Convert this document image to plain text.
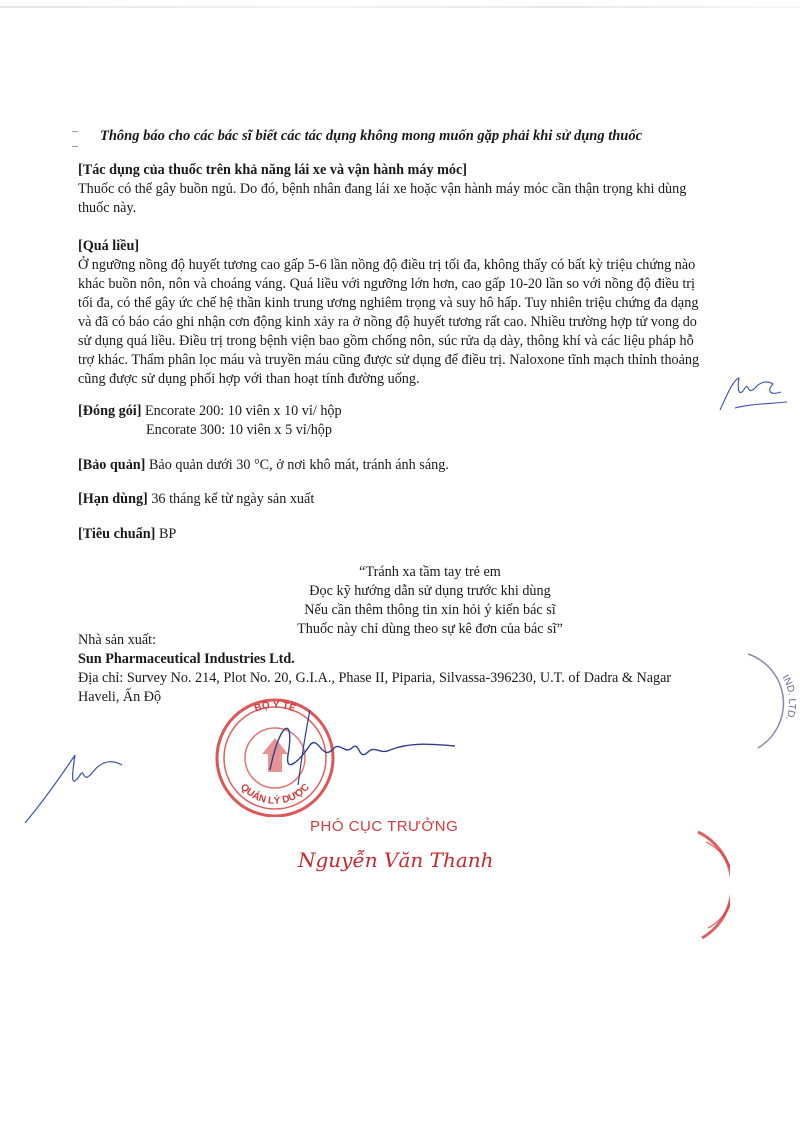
Thông báo cho các bác sĩ biết các tác dụng không mong muốn gặp phải khi sử dụng thuốc
[Tác dụng của thuốc trên khả năng lái xe và vận hành máy móc]
Thuốc có thể gây buồn ngủ. Do đó, bệnh nhân đang lái xe hoặc vận hành máy móc cần thận trọng khi dùng
thuốc này.
[Quá liều]
Ở ngưỡng nồng độ huyết tương cao gấp 5-6 lần nồng độ điều trị tối đa, không thấy có bất kỳ triệu chứng nào
khác buồn nôn, nôn và choáng váng. Quá liều với ngưỡng lớn hơn, cao gấp 10-20 lần so với nồng độ điều trị
tối đa, có thể gây ức chế hệ thần kinh trung ương nghiêm trọng và suy hô hấp. Tuy nhiên triệu chứng đa dạng
và đã có báo cáo ghi nhận cơn động kinh xảy ra ở nồng độ huyết tương rất cao. Nhiều trường hợp tử vong do
sử dụng quá liều. Điều trị trong bệnh viện bao gồm chống nôn, súc rửa dạ dày, thông khí và các liệu pháp hỗ
trợ khác. Thẩm phân lọc máu và truyền máu cũng được sử dụng để điều trị. Naloxone tĩnh mạch thỉnh thoảng
cũng được sử dụng phối hợp với than hoạt tính đường uống.
[Đóng gói] Encorate 200: 10 viên x 10 vỉ/ hộp
Encorate 300: 10 viên x 5 vỉ/hộp
[Bảo quản] Bảo quản dưới 30 °C, ở nơi khô mát, tránh ánh sáng.
[Hạn dùng] 36 tháng kể từ ngày sản xuất
[Tiêu chuẩn] BP
“Tránh xa tầm tay trẻ em
Đọc kỹ hướng dẫn sử dụng trước khi dùng
Nếu cần thêm thông tin xin hỏi ý kiến bác sĩ
Thuốc này chỉ dùng theo sự kê đơn của bác sĩ”
Nhà sản xuất:
Sun Pharmaceutical Industries Ltd.
Địa chỉ: Survey No. 214, Plot No. 20, G.I.A., Phase II, Piparia, Silvassa-396230, U.T. of Dadra & Nagar
Haveli, Ấn Độ
BỘ Y TẾ
QUẢN LÝ DƯỢC
PHÓ CỤC TRƯỞNG
Nguyễn Văn Thanh
IND. LTD.
